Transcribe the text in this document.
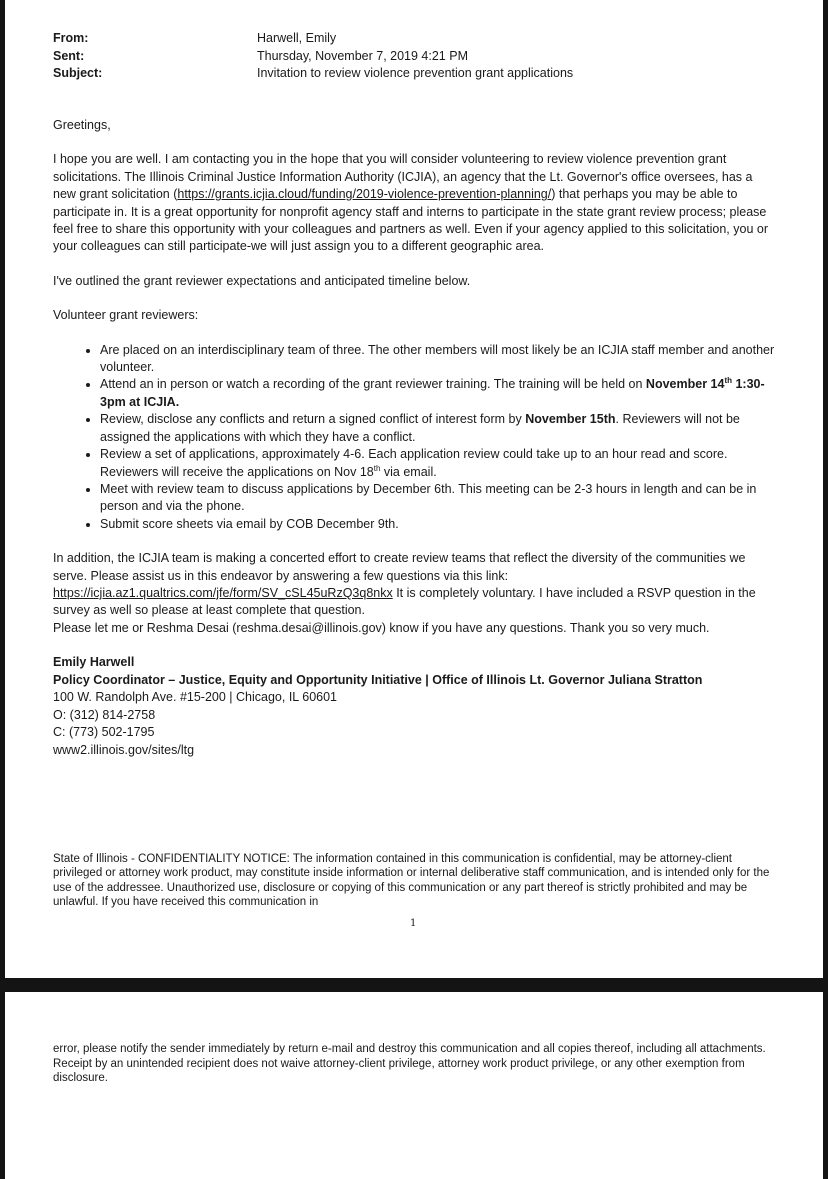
From:	Harwell, Emily
Sent:	Thursday, November 7, 2019 4:21 PM
Subject:	Invitation to review violence prevention grant applications

Greetings,

I hope you are well. I am contacting you in the hope that you will consider volunteering to review violence prevention grant solicitations. The Illinois Criminal Justice Information Authority (ICJIA), an agency that the Lt. Governor's office oversees, has a new grant solicitation (https://grants.icjia.cloud/funding/2019-violence-prevention-planning/) that perhaps you may be able to participate in. It is a great opportunity for nonprofit agency staff and interns to participate in the state grant review process; please feel free to share this opportunity with your colleagues and partners as well. Even if your agency applied to this solicitation, you or your colleagues can still participate-we will just assign you to a different geographic area.

I've outlined the grant reviewer expectations and anticipated timeline below.

Volunteer grant reviewers:

• Are placed on an interdisciplinary team of three. The other members will most likely be an ICJIA staff member and another volunteer.
• Attend an in person or watch a recording of the grant reviewer training. The training will be held on November 14th 1:30-3pm at ICJIA.
• Review, disclose any conflicts and return a signed conflict of interest form by November 15th. Reviewers will not be assigned the applications with which they have a conflict.
• Review a set of applications, approximately 4-6. Each application review could take up to an hour read and score. Reviewers will receive the applications on Nov 18th via email.
• Meet with review team to discuss applications by December 6th. This meeting can be 2-3 hours in length and can be in person and via the phone.
• Submit score sheets via email by COB December 9th.

In addition, the ICJIA team is making a concerted effort to create review teams that reflect the diversity of the communities we serve. Please assist us in this endeavor by answering a few questions via this link: https://icjia.az1.qualtrics.com/jfe/form/SV_cSL45uRzQ3q8nkx It is completely voluntary. I have included a RSVP question in the survey as well so please at least complete that question.

Please let me or Reshma Desai (reshma.desai@illinois.gov) know if you have any questions. Thank you so very much.

Emily Harwell
Policy Coordinator – Justice, Equity and Opportunity Initiative | Office of Illinois Lt. Governor Juliana Stratton
100 W. Randolph Ave. #15-200 | Chicago, IL 60601
O: (312) 814-2758
C: (773) 502-1795
www2.illinois.gov/sites/ltg
State of Illinois - CONFIDENTIALITY NOTICE: The information contained in this communication is confidential, may be attorney-client privileged or attorney work product, may constitute inside information or internal deliberative staff communication, and is intended only for the use of the addressee. Unauthorized use, disclosure or copying of this communication or any part thereof is strictly prohibited and may be unlawful. If you have received this communication in
1
error, please notify the sender immediately by return e-mail and destroy this communication and all copies thereof, including all attachments. Receipt by an unintended recipient does not waive attorney-client privilege, attorney work product privilege, or any other exemption from disclosure.
